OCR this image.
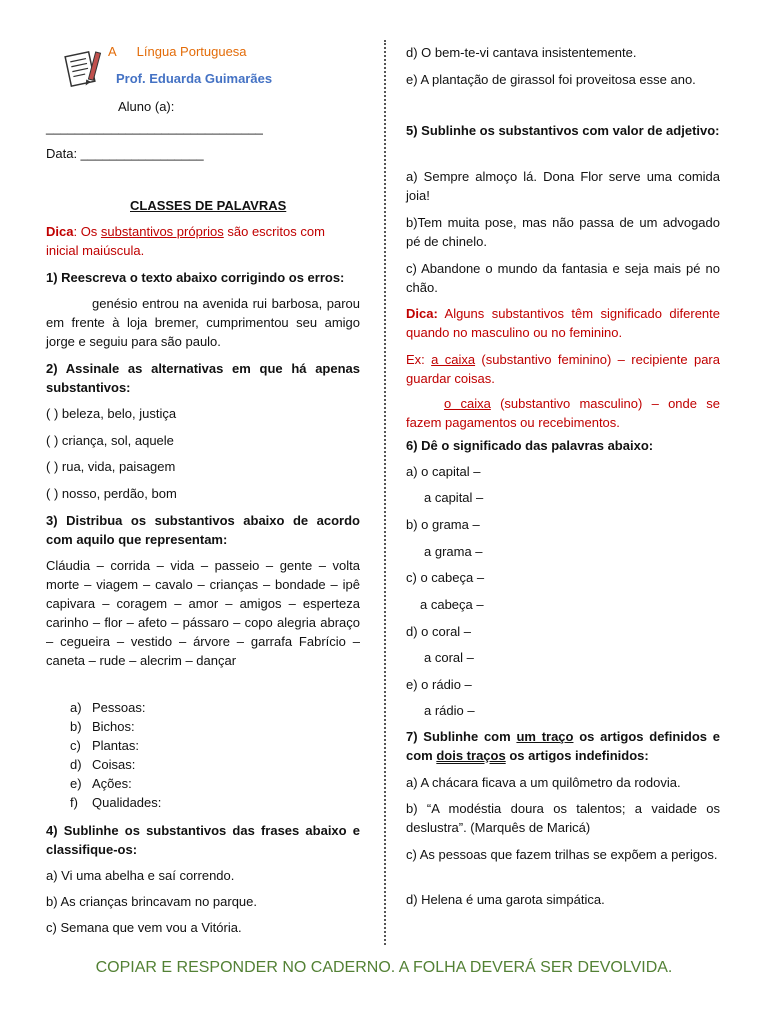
A Língua Portuguesa
Prof. Eduarda Guimarães
Aluno (a):
______________________________
Data: _________________
CLASSES DE PALAVRAS

Dica: Os substantivos próprios são escritos com inicial maiúscula.

1) Reescreva o texto abaixo corrigindo os erros:

genésio entrou na avenida rui barbosa, parou em frente à loja bremer, cumprimentou seu amigo jorge e seguiu para são paulo.

2) Assinale as alternativas em que há apenas substantivos:

( ) beleza, belo, justiça
( ) criança, sol, aquele
( ) rua, vida, paisagem
( ) nosso, perdão, bom

3) Distribua os substantivos abaixo de acordo com aquilo que representam:

Cláudia – corrida – vida – passeio – gente – volta morte – viagem – cavalo – crianças – bondade – ipê capivara – coragem – amor – amigos – esperteza carinho – flor – afeto – pássaro – copo alegria abraço – cegueira – vestido – árvore – garrafa Fabrício – caneta – rude – alecrim – dançar

a) Pessoas:
b) Bichos:
c) Plantas:
d) Coisas:
e) Ações:
f) Qualidades:

4) Sublinhe os substantivos das frases abaixo e classifique-os:

a) Vi uma abelha e saí correndo.

b) As crianças brincavam no parque.

c) Semana que vem vou a Vitória.

d) O bem-te-vi cantava insistentemente.

e) A plantação de girassol foi proveitosa esse ano.

5) Sublinhe os substantivos com valor de adjetivo:

a) Sempre almoço lá. Dona Flor serve uma comida joia!

b)Tem muita pose, mas não passa de um advogado pé de chinelo.

c) Abandone o mundo da fantasia e seja mais pé no chão.

Dica: Alguns substantivos têm significado diferente quando no masculino ou no feminino.

Ex: a caixa (substantivo feminino) – recipiente para guardar coisas.

o caixa (substantivo masculino) – onde se fazem pagamentos ou recebimentos.

6) Dê o significado das palavras abaixo:

a) o capital –

a capital –

b) o grama –

a grama –

c) o cabeça –

a cabeça –

d) o coral –

a coral –

e) o rádio –

a rádio –

7) Sublinhe com um traço os artigos definidos e com dois traços os artigos indefinidos:

a) A chácara ficava a um quilômetro da rodovia.

b) “A modéstia doura os talentos; a vaidade os deslustra”. (Marquês de Maricá)

c) As pessoas que fazem trilhas se expõem a perigos.

d) Helena é uma garota simpática.

COPIAR E RESPONDER NO CADERNO. A FOLHA DEVERÁ SER DEVOLVIDA.
